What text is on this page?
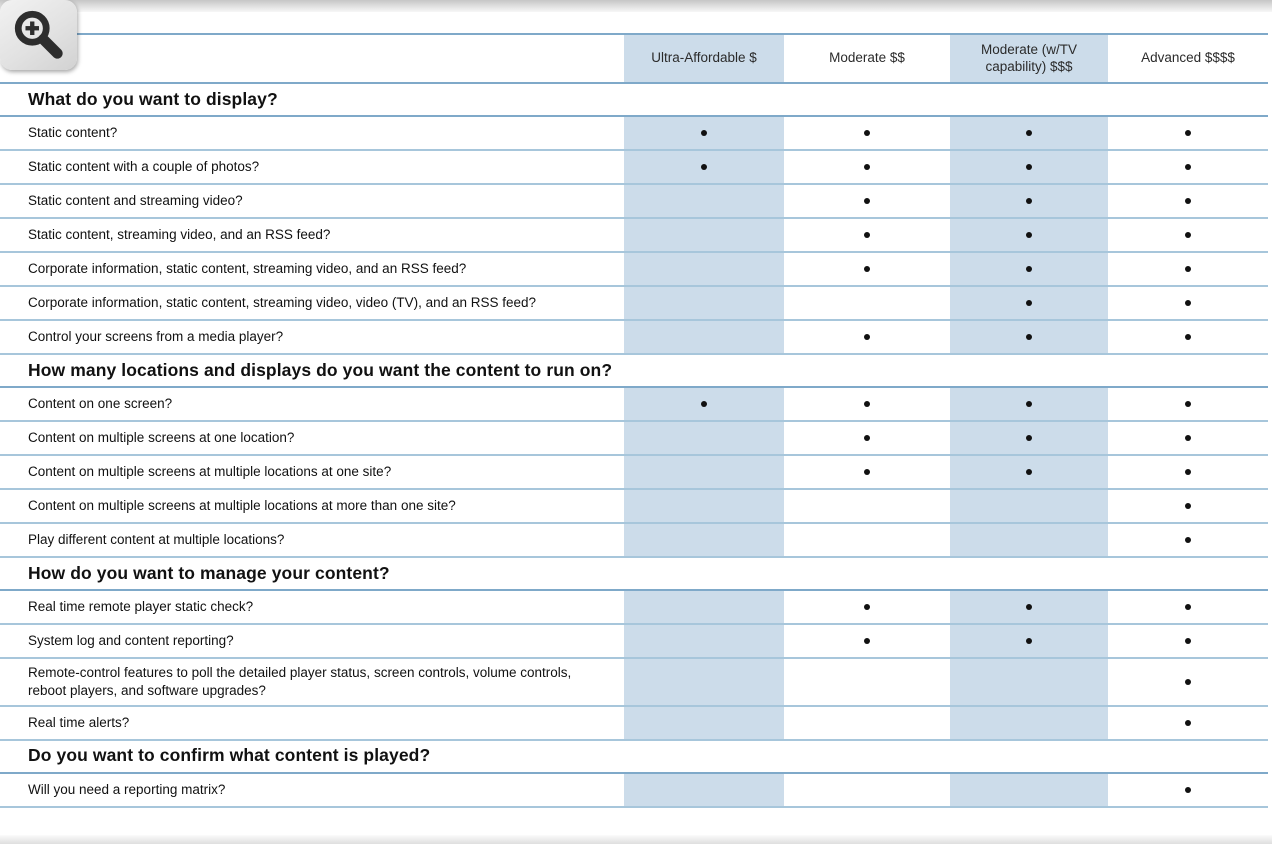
Ultra-Affordable $	Moderate $$
Moderate (w/TV capability) $$$
Advanced $$$$
What do you want to display?
Static content?
Static content with a couple of photos?
Static content and streaming video?
Static content, streaming video, and an RSS feed?
Corporate information, static content, streaming video, and an RSS feed?
Corporate information, static content, streaming video, video (TV), and an RSS feed?
Control your screens from a media player?
How many locations and displays do you want the content to run on?
Content on one screen?
Content on multiple screens at one location?
Content on multiple screens at multiple locations at one site?
Content on multiple screens at multiple locations at more than one site?
Play different content at multiple locations?
How do you want to manage your content?
Real time remote player static check?
System log and content reporting?
Remote-control features to poll the detailed player status, screen controls, volume controls, reboot players, and software upgrades?
Real time alerts?
Do you want to confirm what content is played?
Will you need a reporting matrix?
